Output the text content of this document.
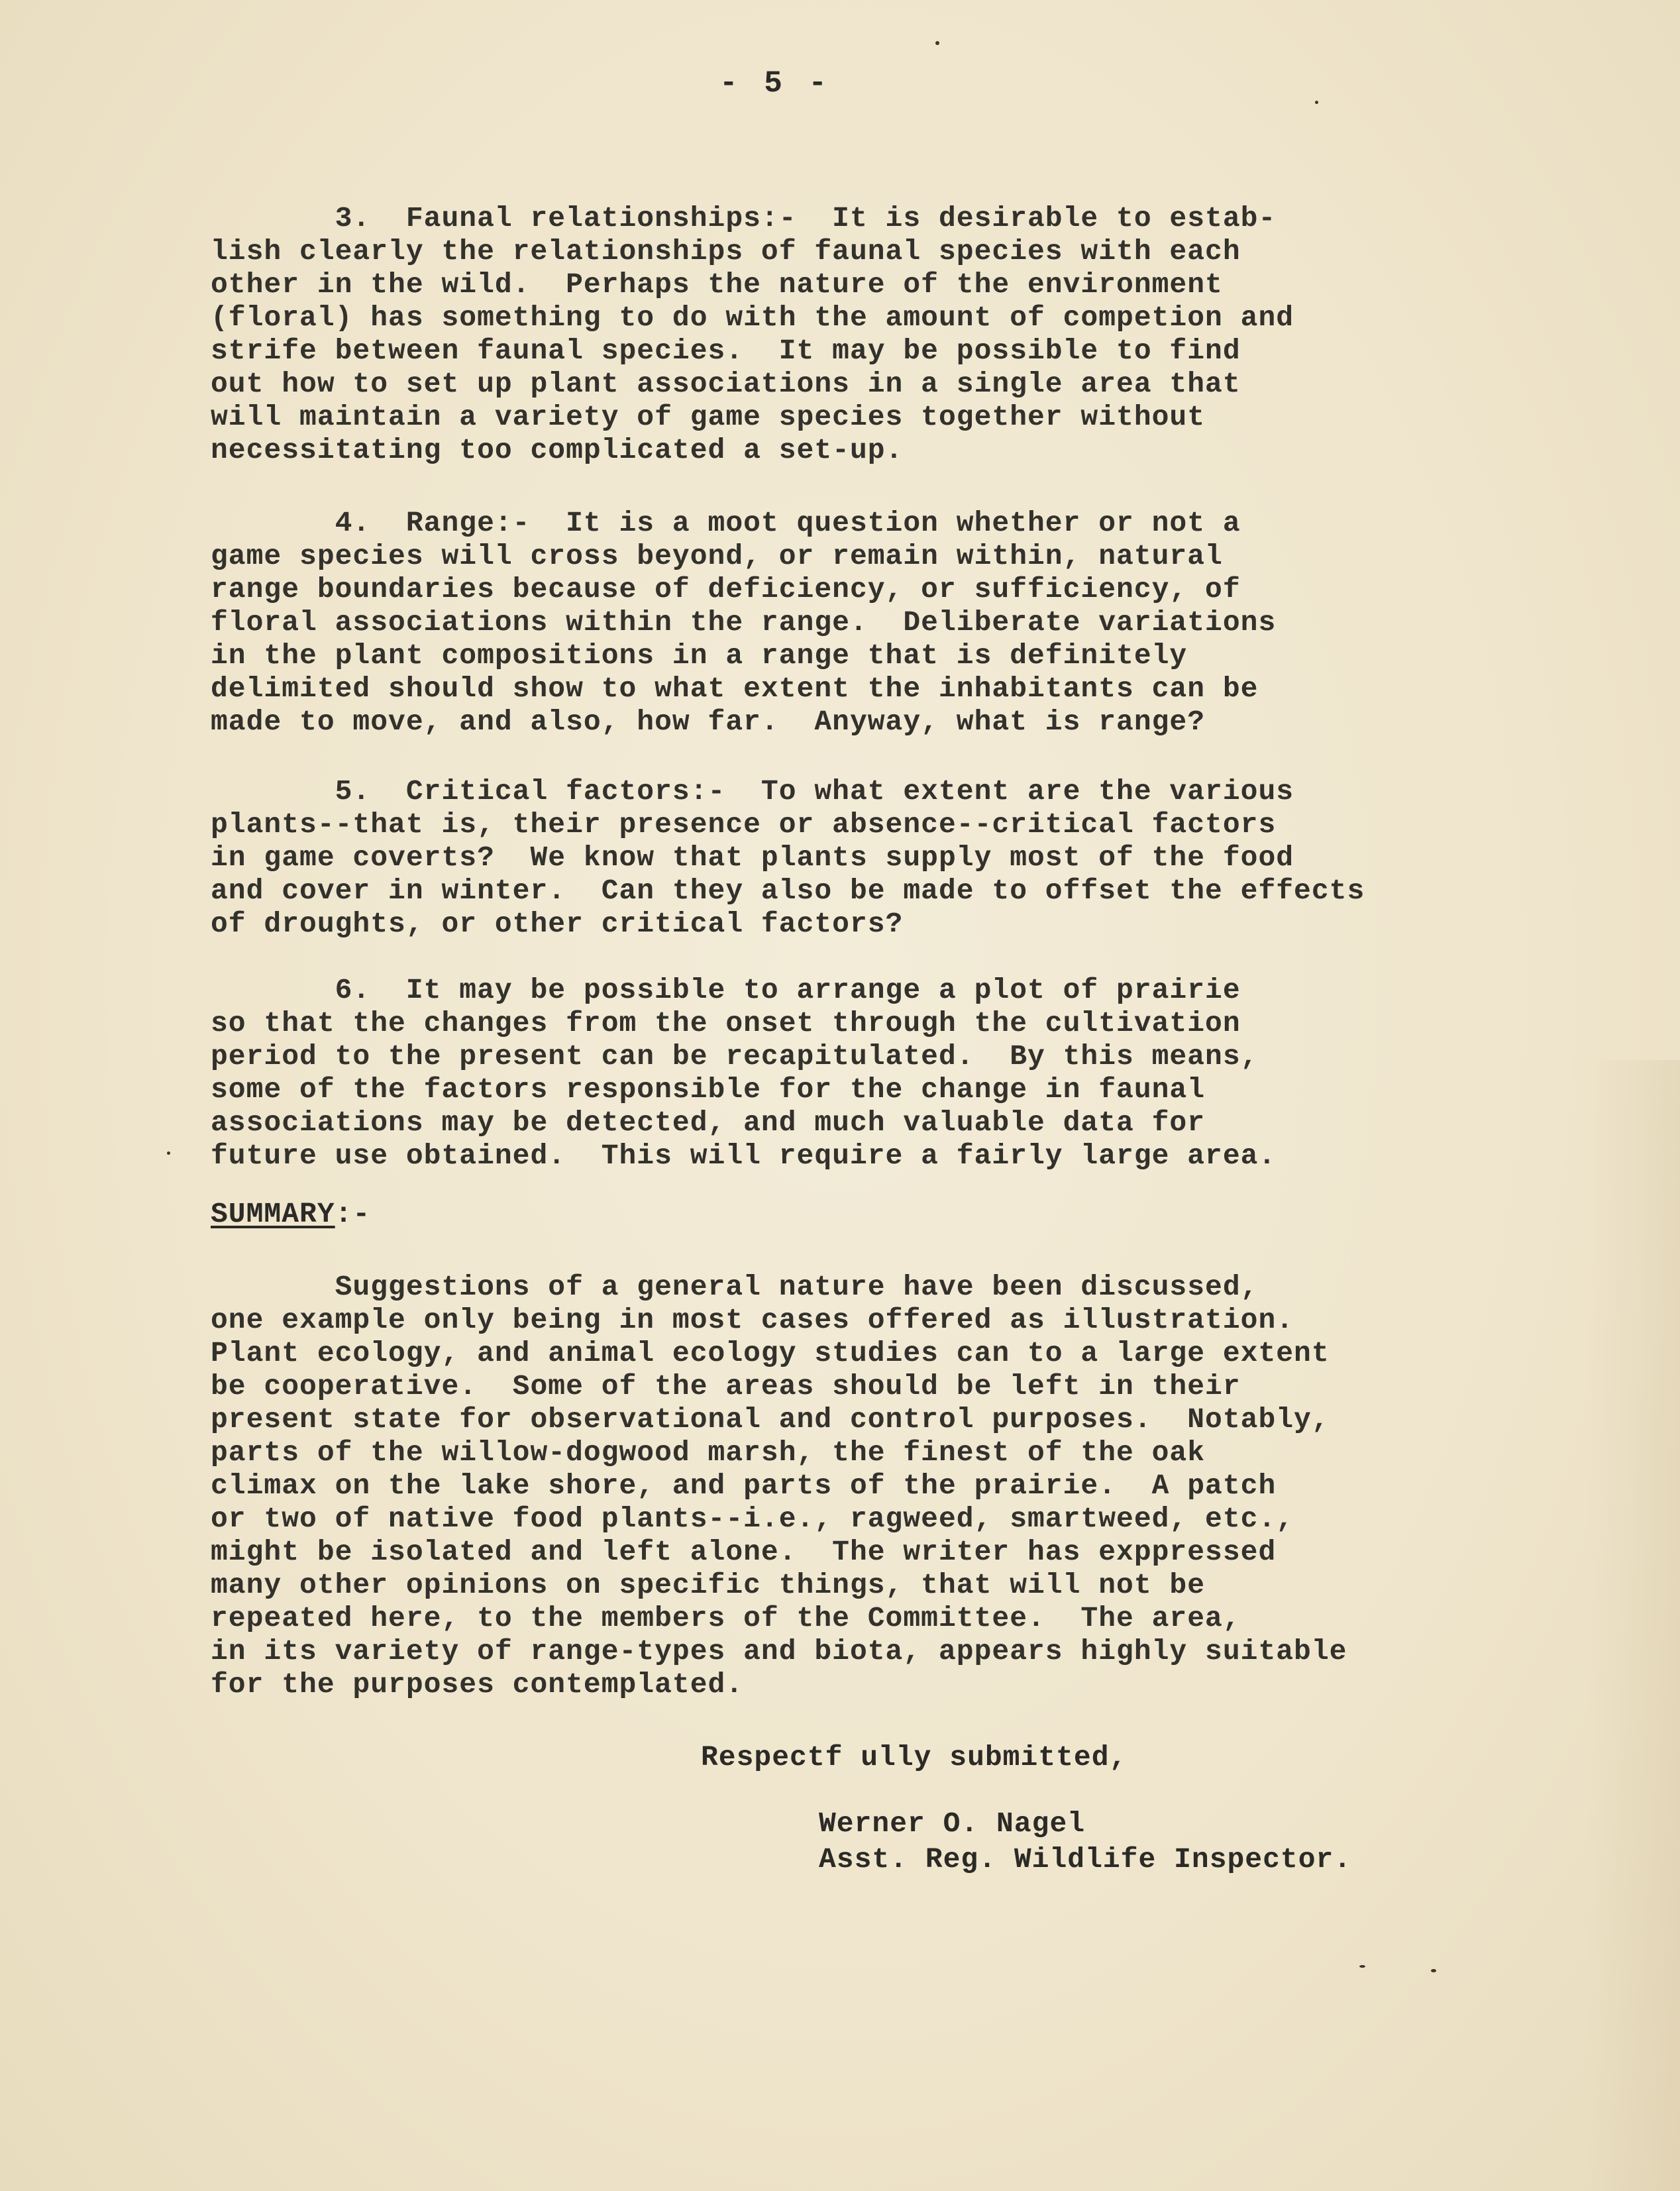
- 5 -

3.  Faunal relationships:-  It is desirable to estab-
lish clearly the relationships of faunal species with each
other in the wild.  Perhaps the nature of the environment
(floral) has something to do with the amount of competion and
strife between faunal species.  It may be possible to find
out how to set up plant associations in a single area that
will maintain a variety of game species together without
necessitating too complicated a set-up.

4.  Range:-  It is a moot question whether or not a
game species will cross beyond, or remain within, natural
range boundaries because of deficiency, or sufficiency, of
floral associations within the range.  Deliberate variations
in the plant compositions in a range that is definitely
delimited should show to what extent the inhabitants can be
made to move, and also, how far.  Anyway, what is range?

5.  Critical factors:-  To what extent are the various
plants--that is, their presence or absence--critical factors
in game coverts?  We know that plants supply most of the food
and cover in winter.  Can they also be made to offset the effects
of droughts, or other critical factors?

6.  It may be possible to arrange a plot of prairie
so that the changes from the onset through the cultivation
period to the present can be recapitulated.  By this means,
some of the factors responsible for the change in faunal
associations may be detected, and much valuable data for
future use obtained.  This will require a fairly large area.

SUMMARY:-

Suggestions of a general nature have been discussed,
one example only being in most cases offered as illustration.
Plant ecology, and animal ecology studies can to a large extent
be cooperative.  Some of the areas should be left in their
present state for observational and control purposes.  Notably,
parts of the willow-dogwood marsh, the finest of the oak
climax on the lake shore, and parts of the prairie.  A patch
or two of native food plants--i.e., ragweed, smartweed, etc.,
might be isolated and left alone.  The writer has exppressed
many other opinions on specific things, that will not be
repeated here, to the members of the Committee.  The area,
in its variety of range-types and biota, appears highly suitable
for the purposes contemplated.

Respectf ully submitted,
Werner O. Nagel
Asst. Reg. Wildlife Inspector.
